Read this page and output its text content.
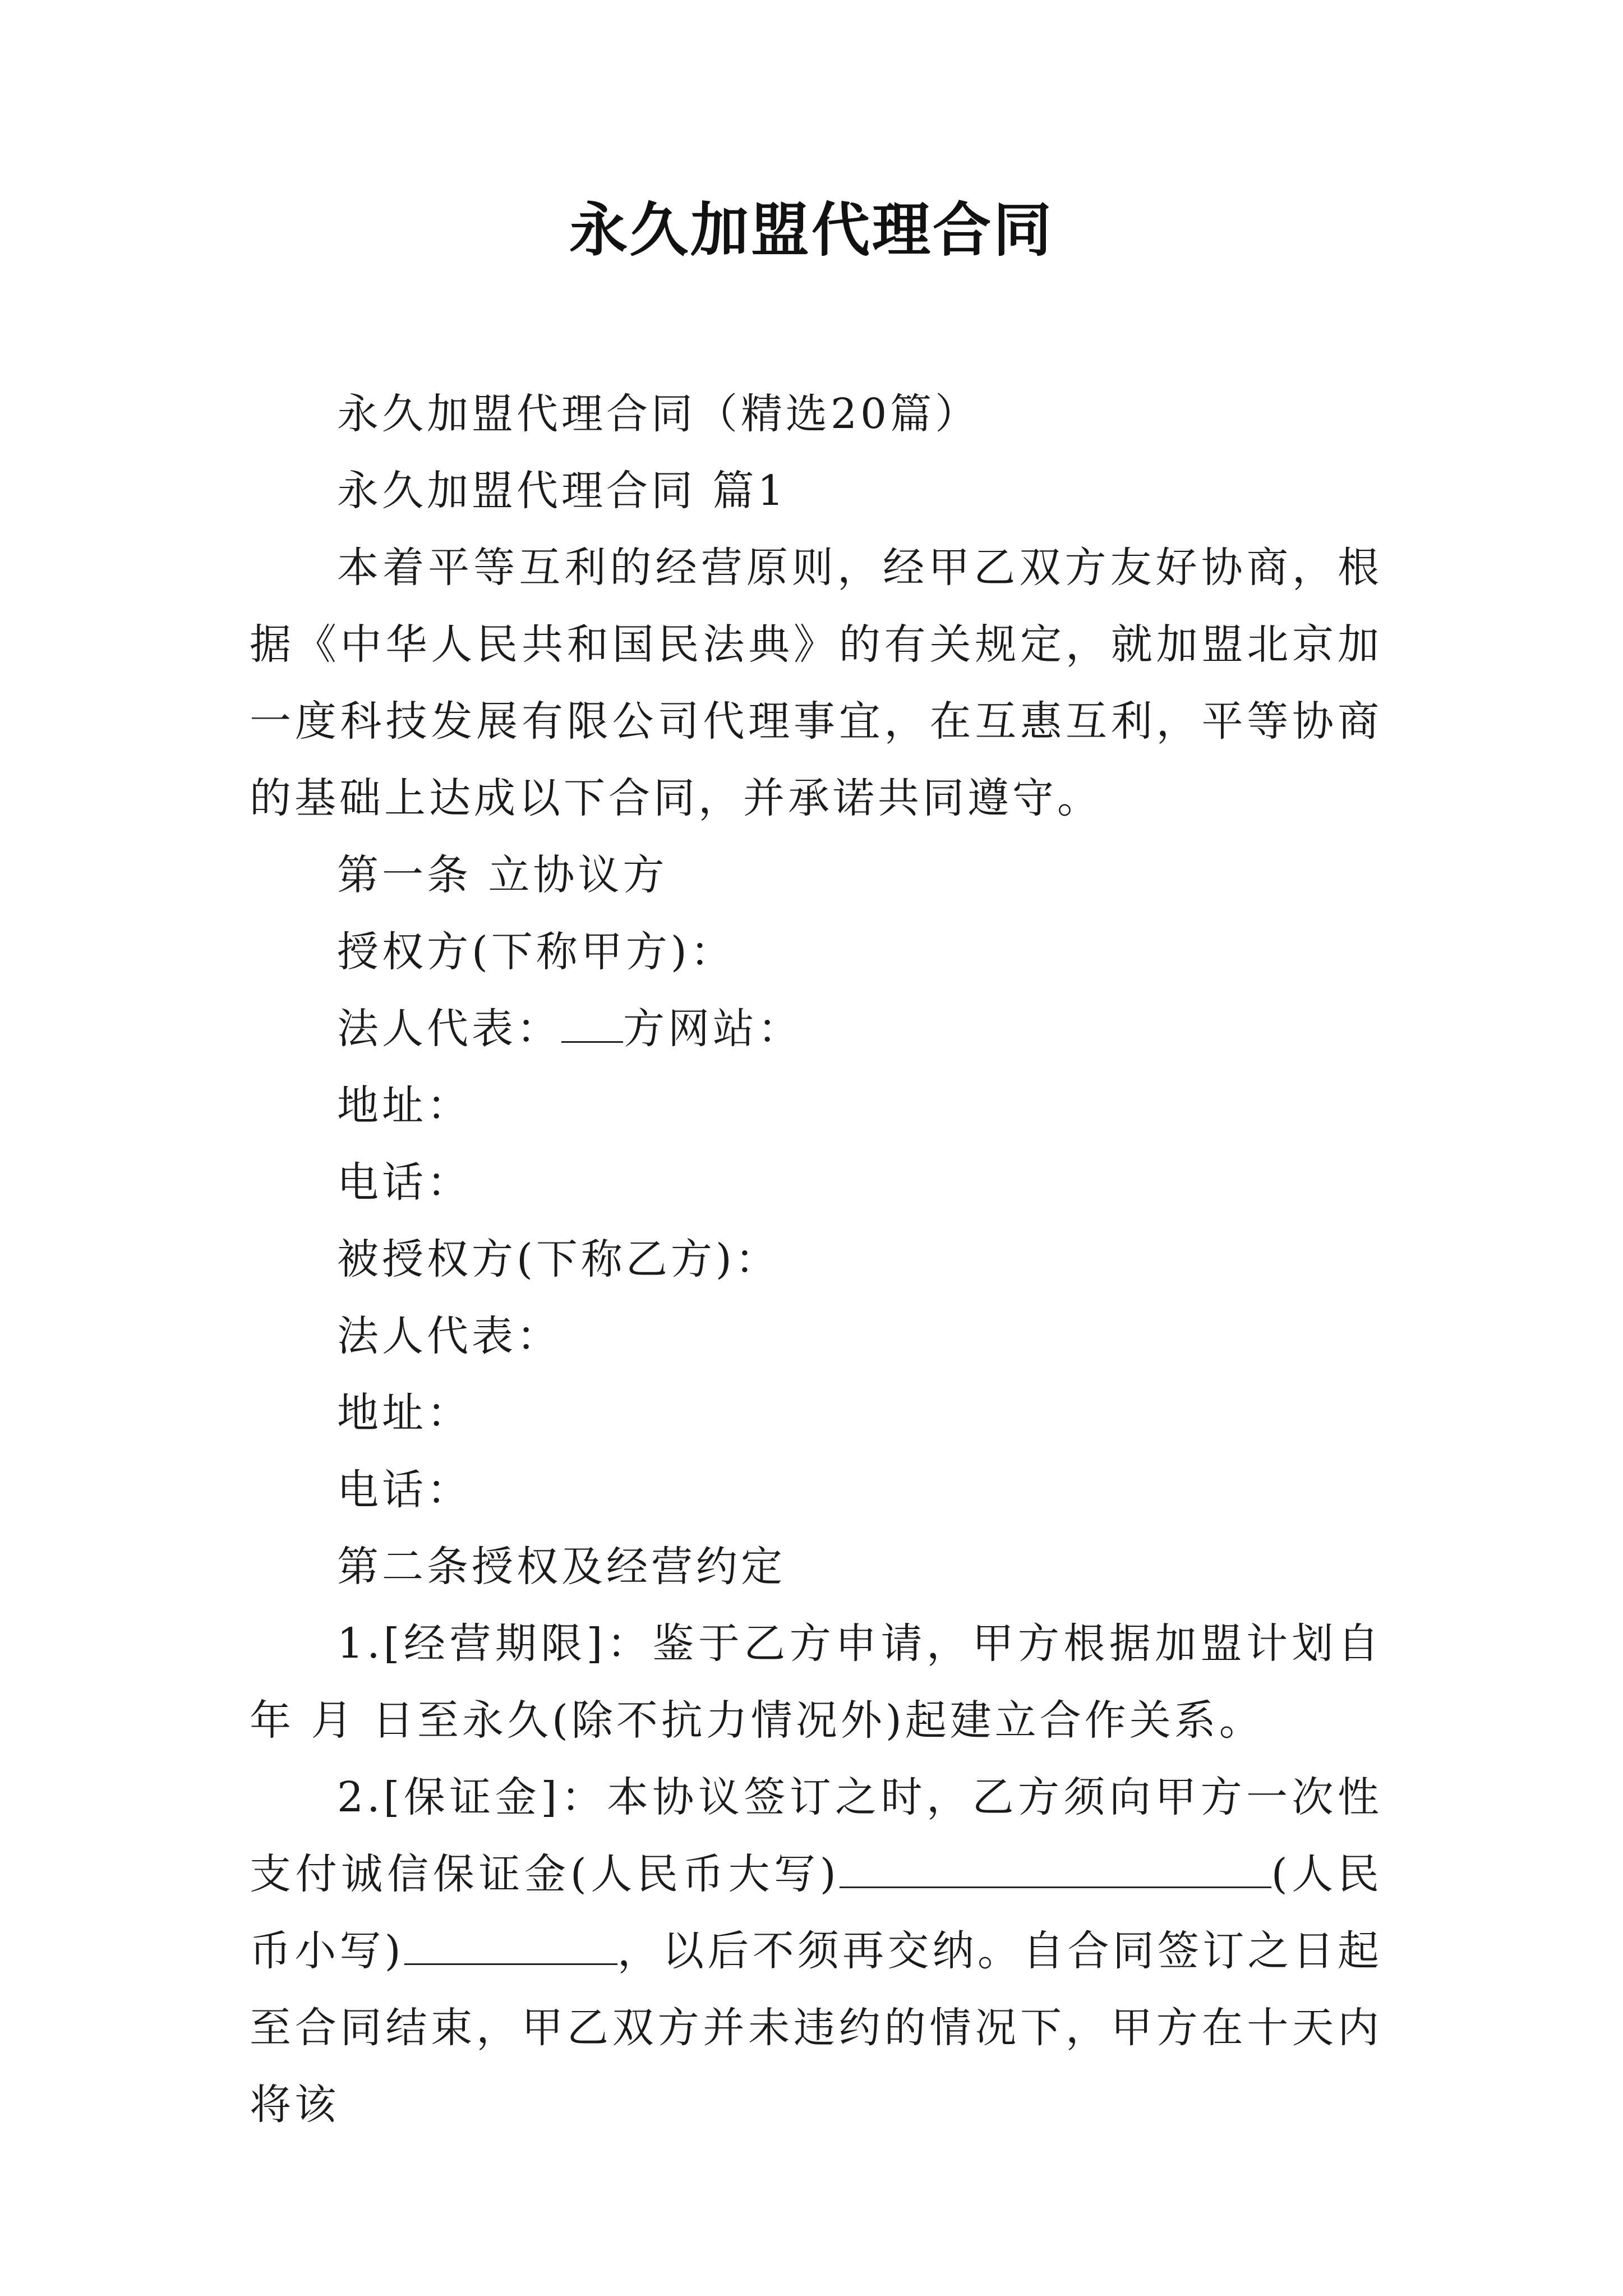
永久加盟代理合同

永久加盟代理合同（精选20篇）

永久加盟代理合同 篇1

本着平等互利的经营原则，经甲乙双方友好协商，根据《中华人民共和国民法典》的有关规定，就加盟北京加一度科技发展有限公司代理事宜，在互惠互利，平等协商的基础上达成以下合同，并承诺共同遵守。

第一条 立协议方

授权方(下称甲方)：

法人代表： 方网站：

地址：

电话：

被授权方(下称乙方)：

法人代表：

地址：

电话：

第二条授权及经营约定

1.[经营期限]：鉴于乙方申请，甲方根据加盟计划自年 月 日至永久(除不抗力情况外)起建立合作关系。

2.[保证金]：本协议签订之时，乙方须向甲方一次性支付诚信保证金(人民币大写)	(人民币小写)	，以后不须再交纳。自合同签订之日起至合同结束，甲乙双方并未违约的情况下，甲方在十天内将该
